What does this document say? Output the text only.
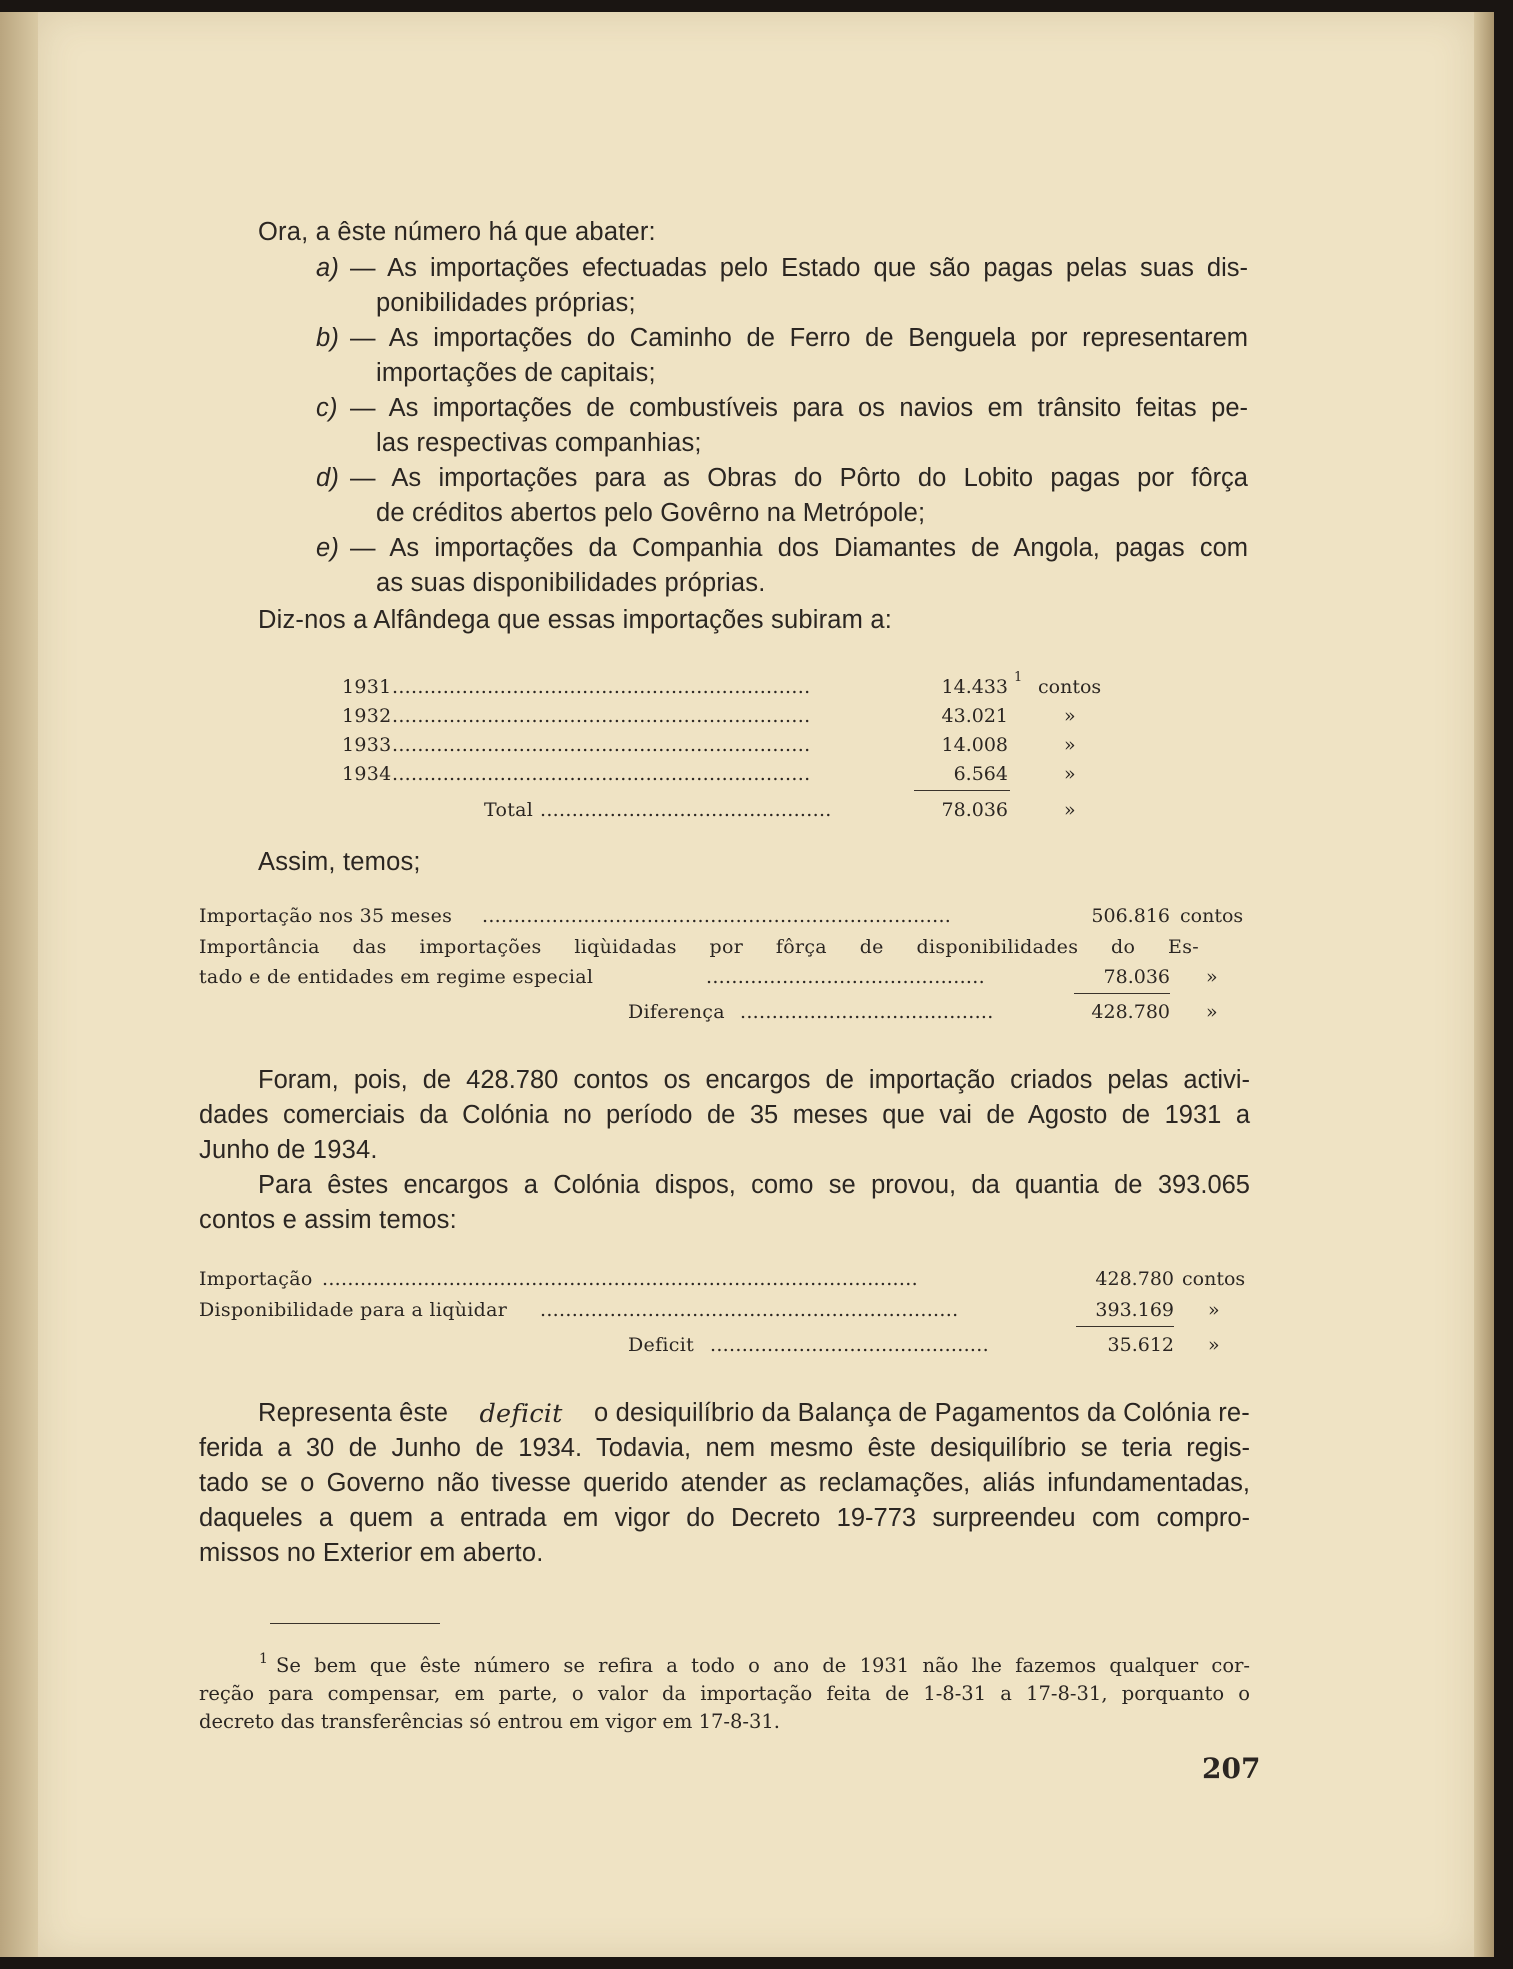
Ora, a êste número há que abater:
a) — As importações efectuadas pelo Estado que são pagas pelas suas dis-
ponibilidades próprias;
b) — As importações do Caminho de Ferro de Benguela por representarem
importações de capitais;
c) — As importações de combustíveis para os navios em trânsito feitas pe-
las respectivas companhias;
d) — As importações para as Obras do Pôrto do Lobito pagas por fôrça
de créditos abertos pelo Govêrno na Metrópole;
e) — As importações da Companhia dos Diamantes de Angola, pagas com
as suas disponibilidades próprias.
Diz-nos a Alfândega que essas importações subiram a:
1931 ..................................................................	14.433 1 contos
1932 ..................................................................	43.021	»
1933 ..................................................................	14.008	»
1934 ..................................................................	6.564	»
Total ..............................................	78.036	»
Assim, temos;
Importação nos 35 meses ..........................................................................	506.816 contos
Importância das importações liqùidadas por fôrça de disponibilidades do Es-
tado e de entidades em regime especial	............................................	78.036 »
Diferença ........................................	428.780 »
Foram, pois, de 428.780 contos os encargos de importação criados pelas activi-
dades comerciais da Colónia no período de 35 meses que vai de Agosto de 1931 a
Junho de 1934.
Para êstes encargos a Colónia dispos, como se provou, da quantia de 393.065
contos e assim temos:
Importação ..............................................................................................	428.780 contos
Disponibilidade para a liqùidar ..................................................................	393.169 »
Deficit ............................................	35.612 »
Representa êste deficit o desiquilíbrio da Balança de Pagamentos da Colónia re-
ferida a 30 de Junho de 1934. Todavia, nem mesmo êste desiquilíbrio se teria regis-
tado se o Governo não tivesse querido atender as reclamações, aliás infundamentadas,
daqueles a quem a entrada em vigor do Decreto 19-773 surpreendeu com compro-
missos no Exterior em aberto.
1 Se bem que êste número se refira a todo o ano de 1931 não lhe fazemos qualquer cor-
reção para compensar, em parte, o valor da importação feita de 1-8-31 a 17-8-31, porquanto o
decreto das transferências só entrou em vigor em 17-8-31.
207
